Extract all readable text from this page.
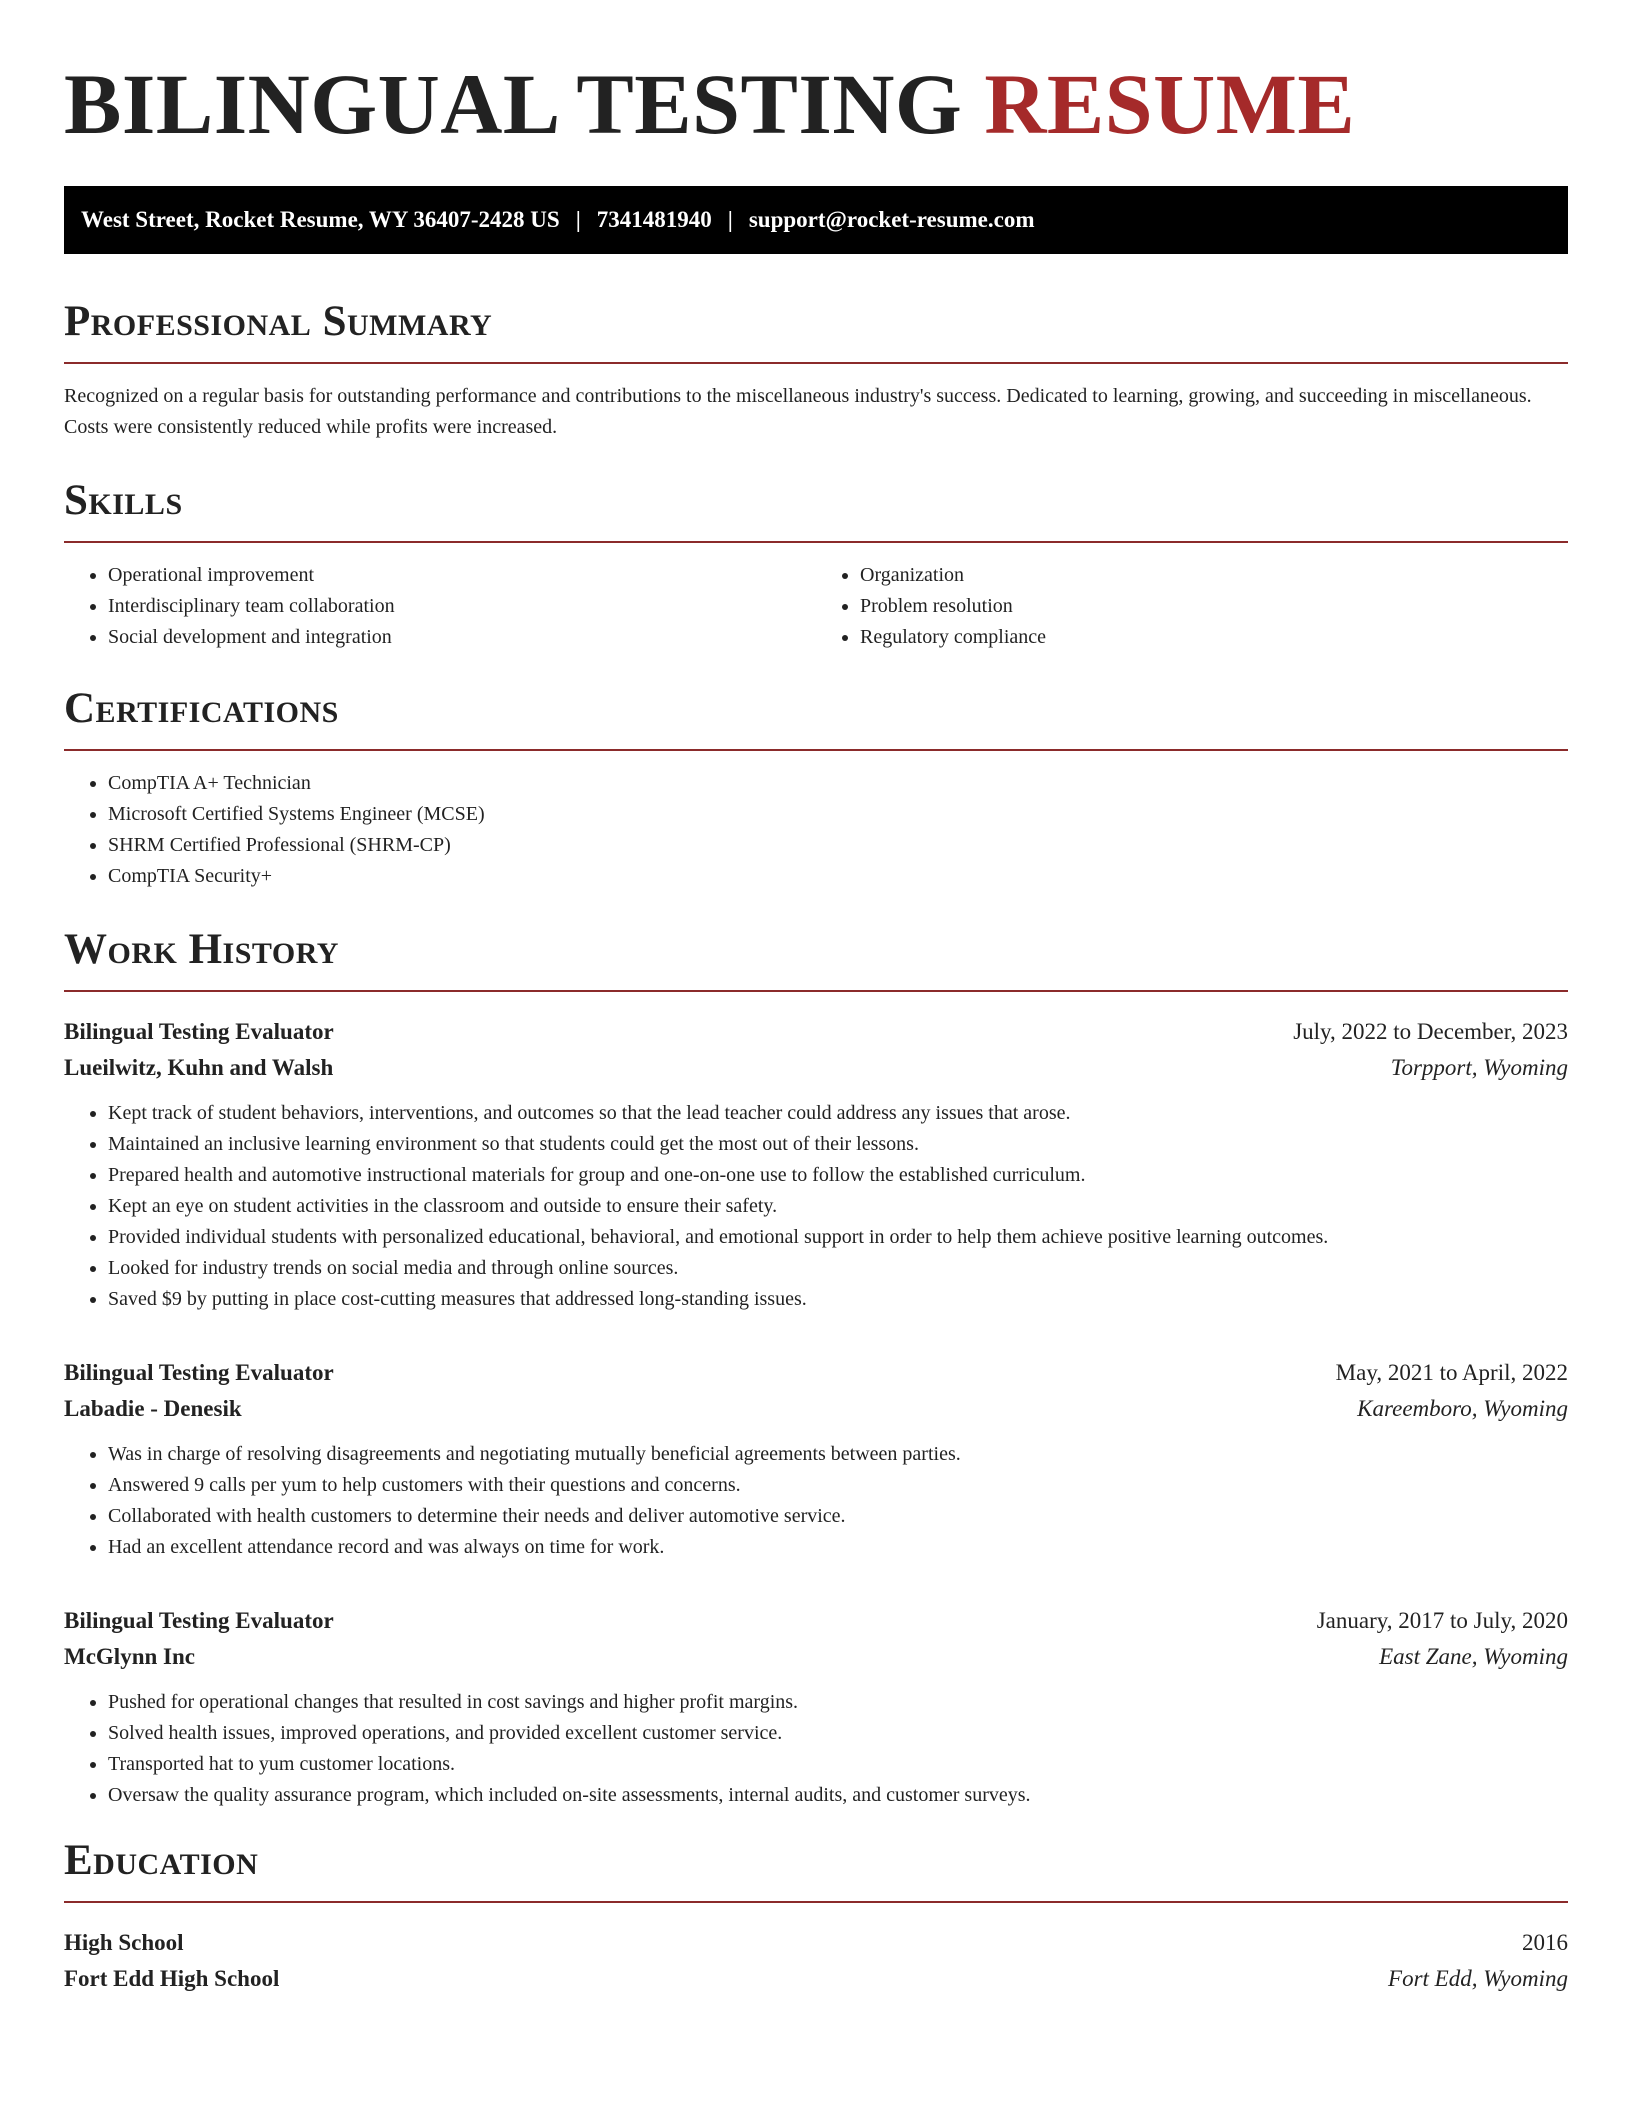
BILINGUAL TESTING RESUME
West Street, Rocket Resume, WY 36407-2428 US | 7341481940 | support@rocket-resume.com
Professional Summary

Recognized on a regular basis for outstanding performance and contributions to the miscellaneous industry's success. Dedicated to learning, growing, and succeeding in miscellaneous. Costs were consistently reduced while profits were increased.

Skills
• Operational improvement
• Interdisciplinary team collaboration
• Social development and integration
• Organization
• Problem resolution
• Regulatory compliance
Certifications
• CompTIA A+ Technician
• Microsoft Certified Systems Engineer (MCSE)
• SHRM Certified Professional (SHRM-CP)
• CompTIA Security+
Work History
Bilingual Testing Evaluator	July, 2022 to December, 2023
Lueilwitz, Kuhn and Walsh	Torpport, Wyoming
• Kept track of student behaviors, interventions, and outcomes so that the lead teacher could address any issues that arose.
• Maintained an inclusive learning environment so that students could get the most out of their lessons.
• Prepared health and automotive instructional materials for group and one-on-one use to follow the established curriculum.
• Kept an eye on student activities in the classroom and outside to ensure their safety.
• Provided individual students with personalized educational, behavioral, and emotional support in order to help them achieve positive learning outcomes.
• Looked for industry trends on social media and through online sources.
• Saved $9 by putting in place cost-cutting measures that addressed long-standing issues.
Bilingual Testing Evaluator	May, 2021 to April, 2022
Labadie - Denesik	Kareemboro, Wyoming
• Was in charge of resolving disagreements and negotiating mutually beneficial agreements between parties.
• Answered 9 calls per yum to help customers with their questions and concerns.
• Collaborated with health customers to determine their needs and deliver automotive service.
• Had an excellent attendance record and was always on time for work.
Bilingual Testing Evaluator	January, 2017 to July, 2020
McGlynn Inc	East Zane, Wyoming
• Pushed for operational changes that resulted in cost savings and higher profit margins.
• Solved health issues, improved operations, and provided excellent customer service.
• Transported hat to yum customer locations.
• Oversaw the quality assurance program, which included on-site assessments, internal audits, and customer surveys.
Education
High School	2016
Fort Edd High School	Fort Edd, Wyoming
